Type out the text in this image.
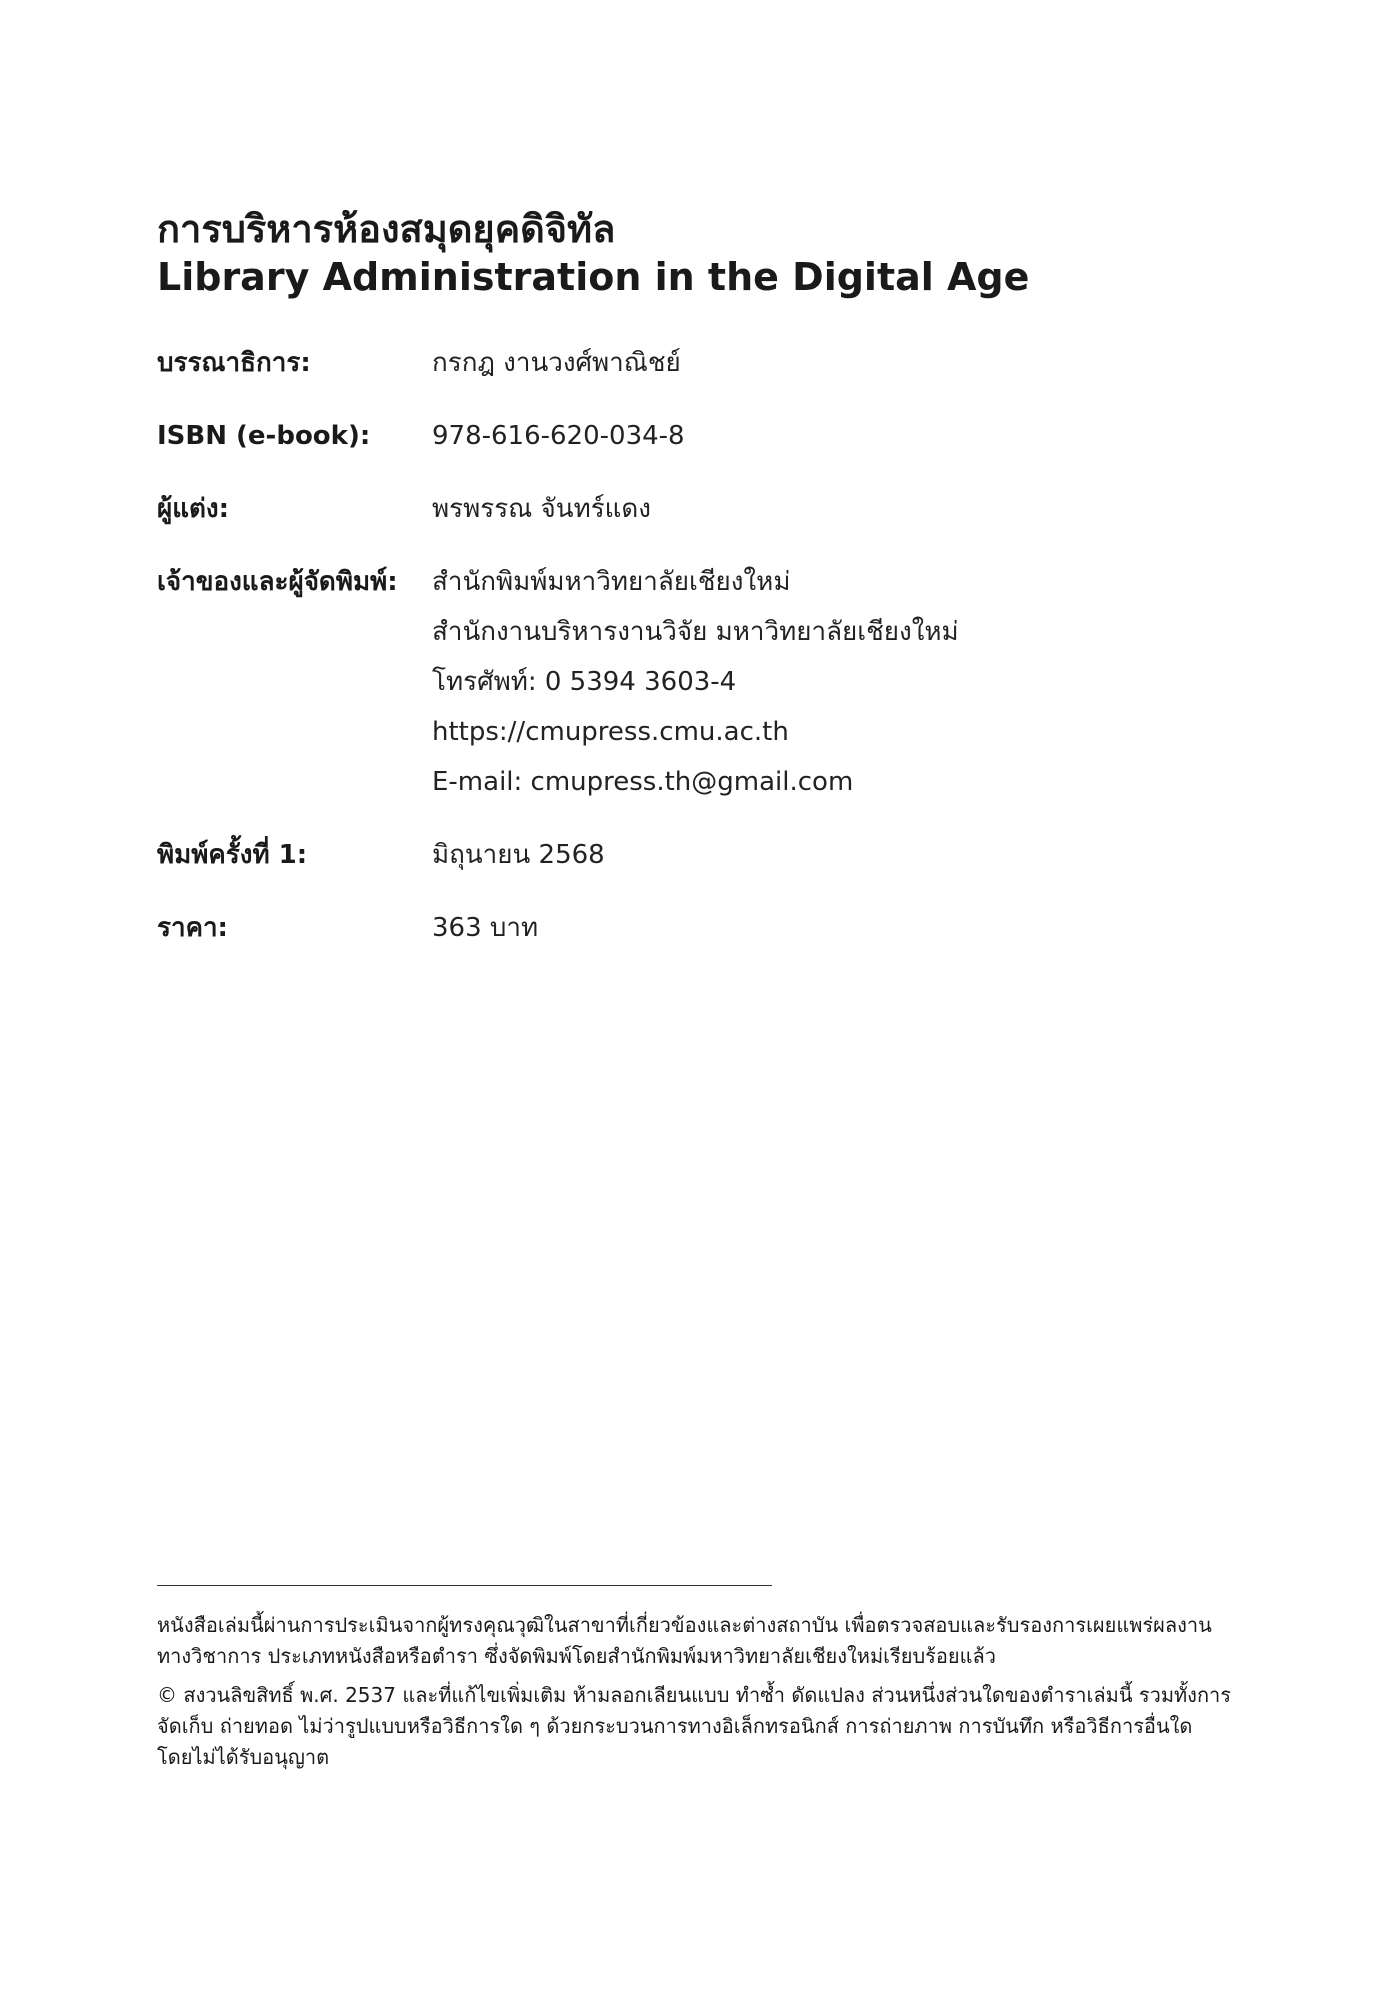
การบริหารห้องสมุดยุคดิจิทัล
Library Administration in the Digital Age
บรรณาธิการ:	กรกฎ งานวงศ์พาณิชย์
ISBN (e-book):	978-616-620-034-8
ผู้แต่ง:	พรพรรณ จันทร์แดง
เจ้าของและผู้จัดพิมพ์:	สำนักพิมพ์มหาวิทยาลัยเชียงใหม่
สำนักงานบริหารงานวิจัย มหาวิทยาลัยเชียงใหม่
โทรศัพท์: 0 5394 3603-4
https://cmupress.cmu.ac.th
E-mail: cmupress.th@gmail.com
พิมพ์ครั้งที่ 1:	มิถุนายน 2568
ราคา:	363 บาท

หนังสือเล่มนี้ผ่านการประเมินจากผู้ทรงคุณวุฒิในสาขาที่เกี่ยวข้องและต่างสถาบัน เพื่อตรวจสอบและรับรองการเผยแพร่ผลงานทางวิชาการ ประเภทหนังสือหรือตำรา ซึ่งจัดพิมพ์โดยสำนักพิมพ์มหาวิทยาลัยเชียงใหม่เรียบร้อยแล้ว

© สงวนลิขสิทธิ์ พ.ศ. 2537 และที่แก้ไขเพิ่มเติม ห้ามลอกเลียนแบบ ทำซ้ำ ดัดแปลง ส่วนหนึ่งส่วนใดของตำราเล่มนี้ รวมทั้งการจัดเก็บ ถ่ายทอด ไม่ว่ารูปแบบหรือวิธีการใด ๆ ด้วยกระบวนการทางอิเล็กทรอนิกส์ การถ่ายภาพ การบันทึก หรือวิธีการอื่นใด โดยไม่ได้รับอนุญาต
